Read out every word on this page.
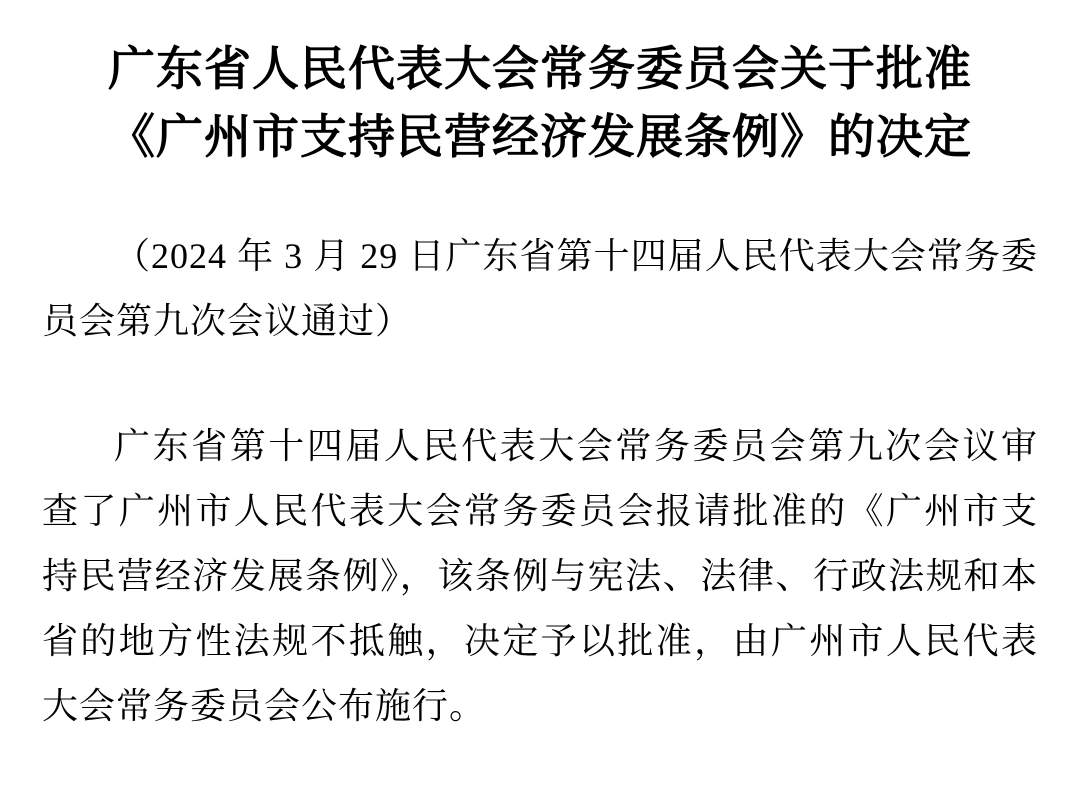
广东省人民代表大会常务委员会关于批准
《广州市支持民营经济发展条例》的决定

（2024 年 3 月 29 日广东省第十四届人民代表大会常务委员会第九次会议通过）

广东省第十四届人民代表大会常务委员会第九次会议审查了广州市人民代表大会常务委员会报请批准的《广州市支持民营经济发展条例》，该条例与宪法、法律、行政法规和本省的地方性法规不抵触，决定予以批准，由广州市人民代表大会常务委员会公布施行。
